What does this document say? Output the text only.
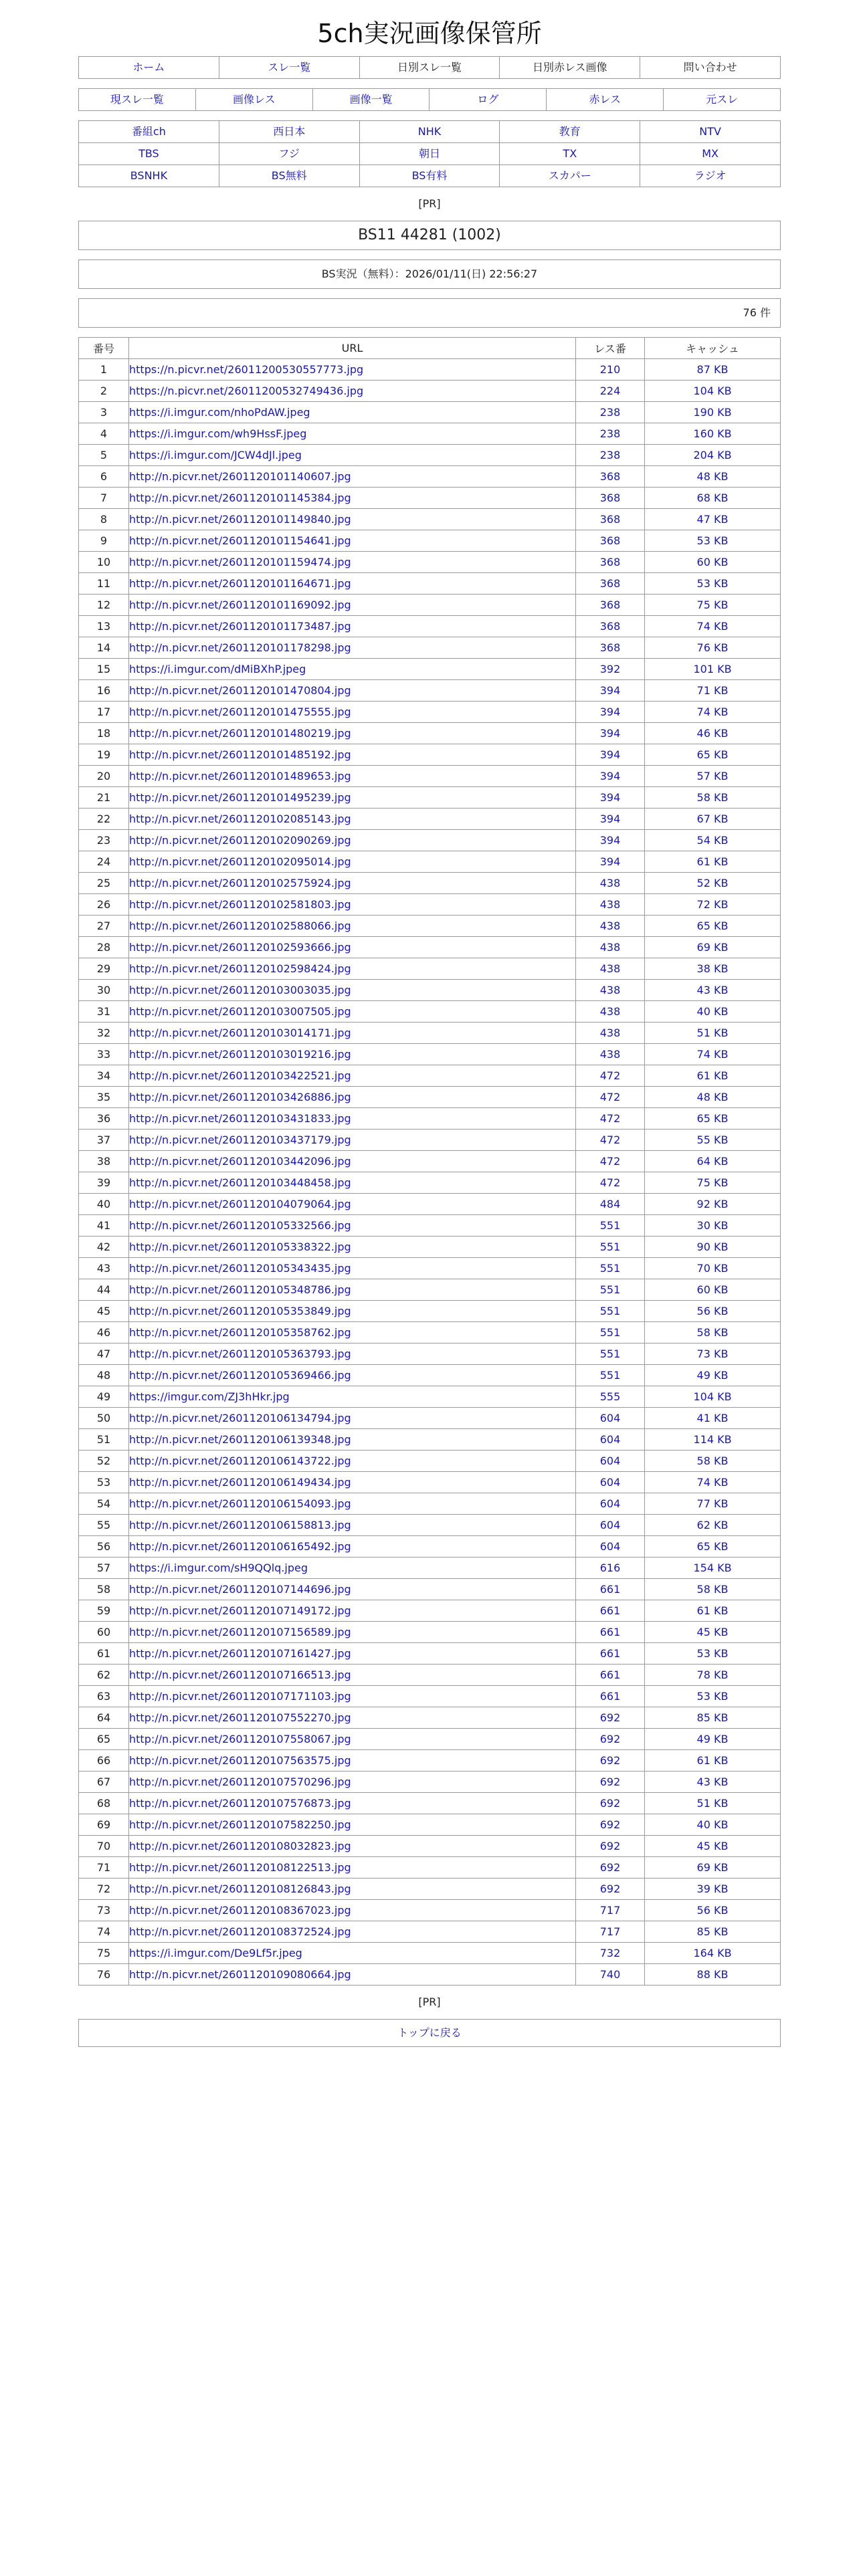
5ch実況画像保管所
ホーム	スレ一覧	日別スレ一覧	日別赤レス画像	問い合わせ
現スレ一覧	画像レス	画像一覧	ログ	赤レス	元スレ
番組ch	西日本	NHK	教育	NTV
TBS	フジ	朝日	TX	MX
BSNHK	BS無料	BS有料	スカパー	ラジオ
[PR]
BS11 44281 (1002)
BS実況（無料）：2026/01/11(日) 22:56:27
76 件
番号	URL	レス番	キャッシュ
1	https://n.picvr.net/26011200530557773.jpg	210	87 KB
2	https://n.picvr.net/26011200532749436.jpg	224	104 KB
3	https://i.imgur.com/nhoPdAW.jpeg	238	190 KB
4	https://i.imgur.com/wh9HssF.jpeg	238	160 KB
5	https://i.imgur.com/JCW4dJl.jpeg	238	204 KB
6	http://n.picvr.net/2601120101140607.jpg	368	48 KB
7	http://n.picvr.net/2601120101145384.jpg	368	68 KB
8	http://n.picvr.net/2601120101149840.jpg	368	47 KB
9	http://n.picvr.net/2601120101154641.jpg	368	53 KB
10	http://n.picvr.net/2601120101159474.jpg	368	60 KB
11	http://n.picvr.net/2601120101164671.jpg	368	53 KB
12	http://n.picvr.net/2601120101169092.jpg	368	75 KB
13	http://n.picvr.net/2601120101173487.jpg	368	74 KB
14	http://n.picvr.net/2601120101178298.jpg	368	76 KB
15	https://i.imgur.com/dMiBXhP.jpeg	392	101 KB
16	http://n.picvr.net/2601120101470804.jpg	394	71 KB
17	http://n.picvr.net/2601120101475555.jpg	394	74 KB
18	http://n.picvr.net/2601120101480219.jpg	394	46 KB
19	http://n.picvr.net/2601120101485192.jpg	394	65 KB
20	http://n.picvr.net/2601120101489653.jpg	394	57 KB
21	http://n.picvr.net/2601120101495239.jpg	394	58 KB
22	http://n.picvr.net/2601120102085143.jpg	394	67 KB
23	http://n.picvr.net/2601120102090269.jpg	394	54 KB
24	http://n.picvr.net/2601120102095014.jpg	394	61 KB
25	http://n.picvr.net/2601120102575924.jpg	438	52 KB
26	http://n.picvr.net/2601120102581803.jpg	438	72 KB
27	http://n.picvr.net/2601120102588066.jpg	438	65 KB
28	http://n.picvr.net/2601120102593666.jpg	438	69 KB
29	http://n.picvr.net/2601120102598424.jpg	438	38 KB
30	http://n.picvr.net/2601120103003035.jpg	438	43 KB
31	http://n.picvr.net/2601120103007505.jpg	438	40 KB
32	http://n.picvr.net/2601120103014171.jpg	438	51 KB
33	http://n.picvr.net/2601120103019216.jpg	438	74 KB
34	http://n.picvr.net/2601120103422521.jpg	472	61 KB
35	http://n.picvr.net/2601120103426886.jpg	472	48 KB
36	http://n.picvr.net/2601120103431833.jpg	472	65 KB
37	http://n.picvr.net/2601120103437179.jpg	472	55 KB
38	http://n.picvr.net/2601120103442096.jpg	472	64 KB
39	http://n.picvr.net/2601120103448458.jpg	472	75 KB
40	http://n.picvr.net/2601120104079064.jpg	484	92 KB
41	http://n.picvr.net/2601120105332566.jpg	551	30 KB
42	http://n.picvr.net/2601120105338322.jpg	551	90 KB
43	http://n.picvr.net/2601120105343435.jpg	551	70 KB
44	http://n.picvr.net/2601120105348786.jpg	551	60 KB
45	http://n.picvr.net/2601120105353849.jpg	551	56 KB
46	http://n.picvr.net/2601120105358762.jpg	551	58 KB
47	http://n.picvr.net/2601120105363793.jpg	551	73 KB
48	http://n.picvr.net/2601120105369466.jpg	551	49 KB
49	https://imgur.com/ZJ3hHkr.jpg	555	104 KB
50	http://n.picvr.net/2601120106134794.jpg	604	41 KB
51	http://n.picvr.net/2601120106139348.jpg	604	114 KB
52	http://n.picvr.net/2601120106143722.jpg	604	58 KB
53	http://n.picvr.net/2601120106149434.jpg	604	74 KB
54	http://n.picvr.net/2601120106154093.jpg	604	77 KB
55	http://n.picvr.net/2601120106158813.jpg	604	62 KB
56	http://n.picvr.net/2601120106165492.jpg	604	65 KB
57	https://i.imgur.com/sH9QQlq.jpeg	616	154 KB
58	http://n.picvr.net/2601120107144696.jpg	661	58 KB
59	http://n.picvr.net/2601120107149172.jpg	661	61 KB
60	http://n.picvr.net/2601120107156589.jpg	661	45 KB
61	http://n.picvr.net/2601120107161427.jpg	661	53 KB
62	http://n.picvr.net/2601120107166513.jpg	661	78 KB
63	http://n.picvr.net/2601120107171103.jpg	661	53 KB
64	http://n.picvr.net/2601120107552270.jpg	692	85 KB
65	http://n.picvr.net/2601120107558067.jpg	692	49 KB
66	http://n.picvr.net/2601120107563575.jpg	692	61 KB
67	http://n.picvr.net/2601120107570296.jpg	692	43 KB
68	http://n.picvr.net/2601120107576873.jpg	692	51 KB
69	http://n.picvr.net/2601120107582250.jpg	692	40 KB
70	http://n.picvr.net/2601120108032823.jpg	692	45 KB
71	http://n.picvr.net/2601120108122513.jpg	692	69 KB
72	http://n.picvr.net/2601120108126843.jpg	692	39 KB
73	http://n.picvr.net/2601120108367023.jpg	717	56 KB
74	http://n.picvr.net/2601120108372524.jpg	717	85 KB
75	https://i.imgur.com/De9Lf5r.jpeg	732	164 KB
76	http://n.picvr.net/2601120109080664.jpg	740	88 KB
[PR]
トップに戻る
